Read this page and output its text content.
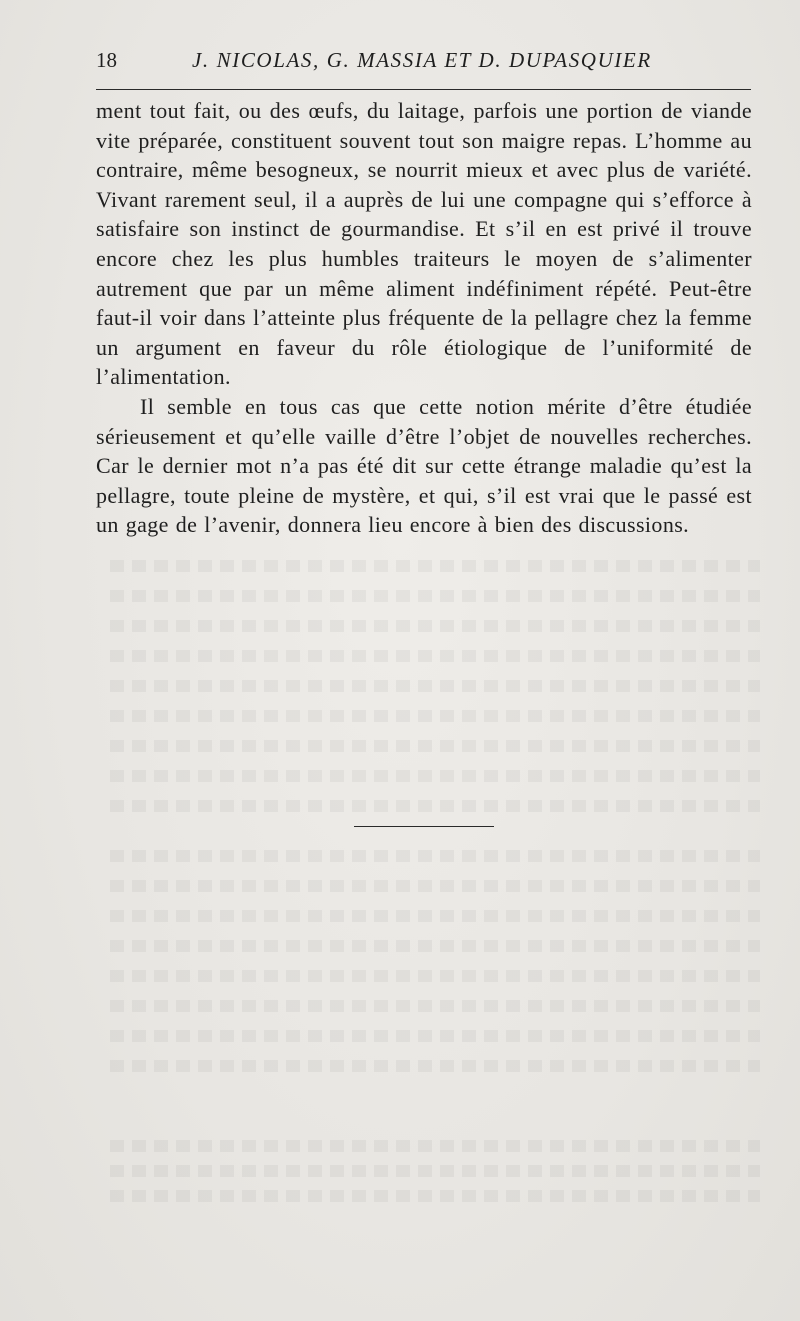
18	J. NICOLAS, G. MASSIA ET D. DUPASQUIER

ment tout fait, ou des œufs, du laitage, parfois une portion de viande vite préparée, constituent souvent tout son maigre repas. L’homme au contraire, même besogneux, se nourrit mieux et avec plus de variété. Vivant rarement seul, il a auprès de lui une compagne qui s’efforce à satisfaire son instinct de gourmandise. Et s’il en est privé il trouve encore chez les plus humbles traiteurs le moyen de s’alimenter autrement que par un même aliment indéfiniment répété. Peut-être faut-il voir dans l’atteinte plus fréquente de la pellagre chez la femme un argument en faveur du rôle étiologique de l’uniformité de l’alimentation.

Il semble en tous cas que cette notion mérite d’être étudiée sérieusement et qu’elle vaille d’être l’objet de nouvelles recherches. Car le dernier mot n’a pas été dit sur cette étrange maladie qu’est la pellagre, toute pleine de mystère, et qui, s’il est vrai que le passé est un gage de l’avenir, donnera lieu encore à bien des discussions.
